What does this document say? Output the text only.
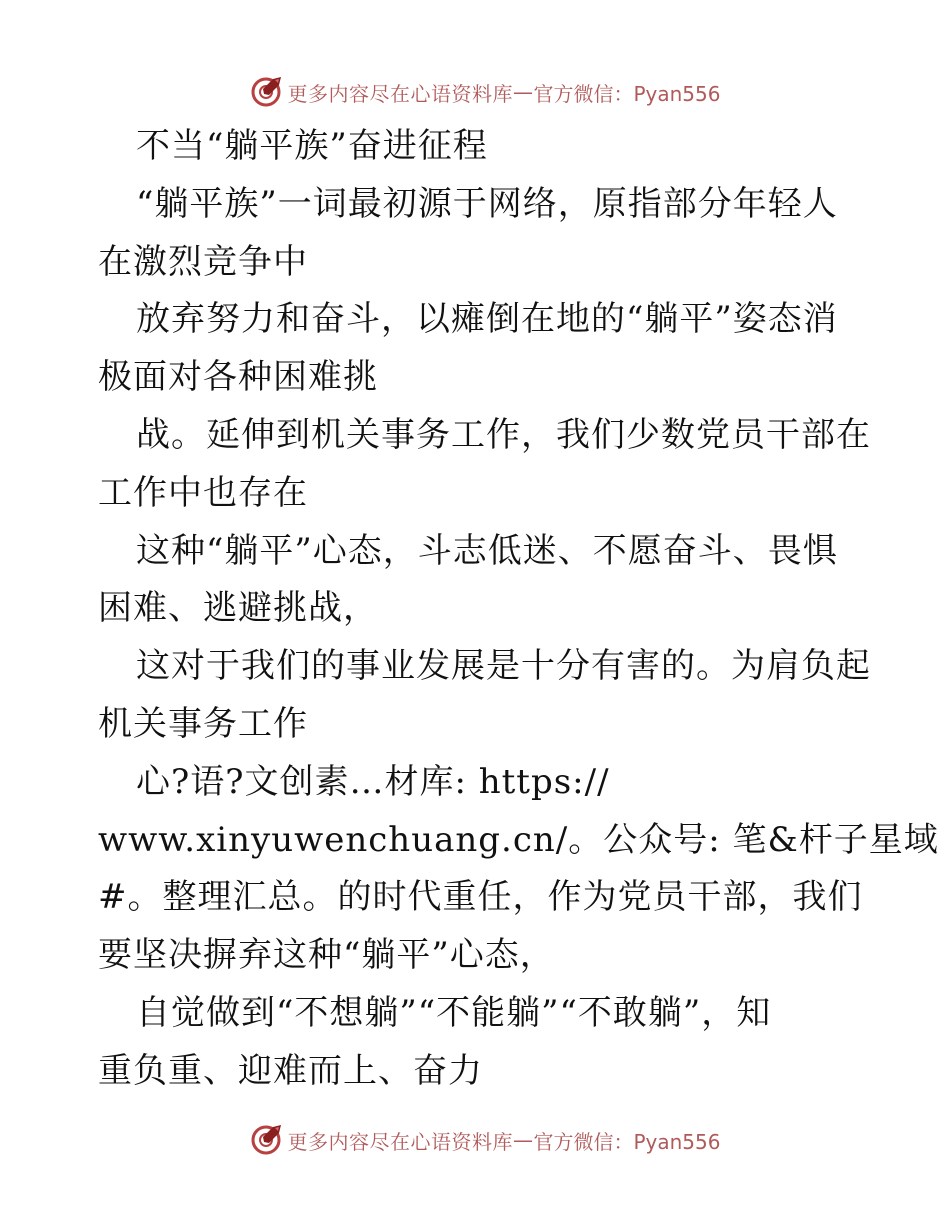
更多内容尽在心语资料库 — 官方微信：Pyan556
不当“躺平族”奋进征程
“躺平族”一词最初源于网络，原指部分年轻人
在激烈竞争中
放弃努力和奋斗，以瘫倒在地的“躺平”姿态消
极面对各种困难挑
战。延伸到机关事务工作，我们少数党员干部在
工作中也存在
这种“躺平”心态，斗志低迷、不愿奋斗、畏惧
困难、逃避挑战，
这对于我们的事业发展是十分有害的。为肩负起
机关事务工作
心?语?文创素…材库: https://
www.xinyuwenchuang.cn/。公众号: 笔&杆子星域
#。整理汇总。的时代重任，作为党员干部，我们
要坚决摒弃这种“躺平”心态，
自觉做到“不想躺”“不能躺”“不敢躺”，知
重负重、迎难而上、奋力
更多内容尽在心语资料库 — 官方微信：Pyan556
